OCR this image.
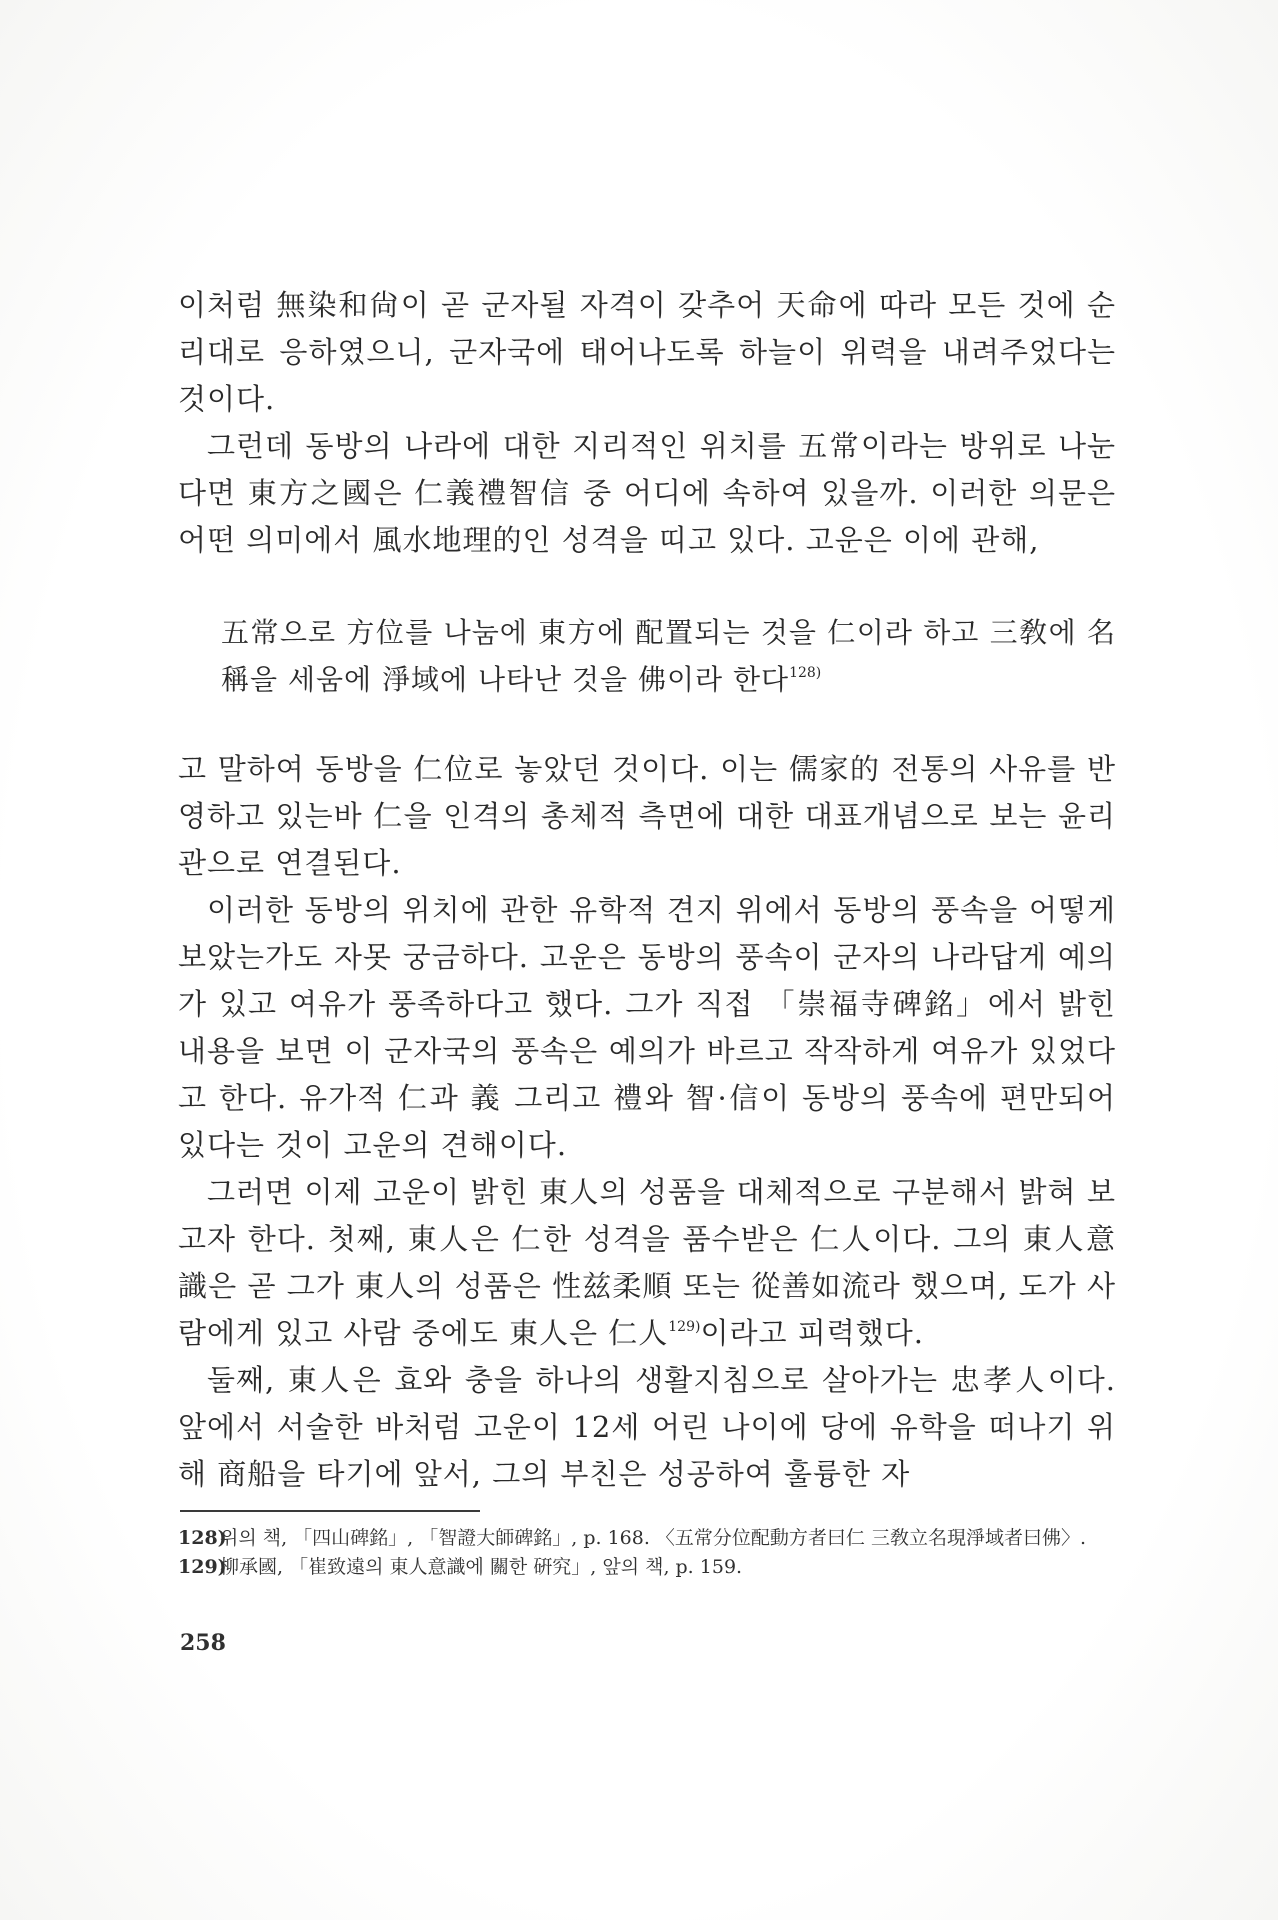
이처럼 無染和尙이 곧 군자될 자격이 갖추어 天命에 따라 모든 것에 순리대로 응하였으니, 군자국에 태어나도록 하늘이 위력을 내려주었다는 것이다.

그런데 동방의 나라에 대한 지리적인 위치를 五常이라는 방위로 나눈다면 東方之國은 仁義禮智信 중 어디에 속하여 있을까. 이러한 의문은 어떤 의미에서 風水地理的인 성격을 띠고 있다. 고운은 이에 관해,

五常으로 方位를 나눔에 東方에 配置되는 것을 仁이라 하고 三敎에 名稱을 세움에 淨域에 나타난 것을 佛이라 한다$^{128)}$

고 말하여 동방을 仁位로 놓았던 것이다. 이는 儒家的 전통의 사유를 반영하고 있는바 仁을 인격의 총체적 측면에 대한 대표개념으로 보는 윤리관으로 연결된다.

이러한 동방의 위치에 관한 유학적 견지 위에서 동방의 풍속을 어떻게 보았는가도 자못 궁금하다. 고운은 동방의 풍속이 군자의 나라답게 예의가 있고 여유가 풍족하다고 했다. 그가 직접 「崇福寺碑銘」에서 밝힌 내용을 보면 이 군자국의 풍속은 예의가 바르고 작작하게 여유가 있었다고 한다. 유가적 仁과 義 그리고 禮와 智·信이 동방의 풍속에 편만되어 있다는 것이 고운의 견해이다.

그러면 이제 고운이 밝힌 東人의 성품을 대체적으로 구분해서 밝혀 보고자 한다. 첫째, 東人은 仁한 성격을 품수받은 仁人이다. 그의 東人意識은 곧 그가 東人의 성품은 性兹柔順 또는 從善如流라 했으며, 도가 사람에게 있고 사람 중에도 東人은 仁人$^{129)}$이라고 피력했다.

둘째, 東人은 효와 충을 하나의 생활지침으로 살아가는 忠孝人이다. 앞에서 서술한 바처럼 고운이 12세 어린 나이에 당에 유학을 떠나기 위해 商船을 타기에 앞서, 그의 부친은 성공하여 훌륭한 자

128)위의 책, 「四山碑銘」, 「智證大師碑銘」, p. 168. 〈五常分位配動方者曰仁 三敎立名現淨域者曰佛〉.

129)柳承國, 「崔致遠의 東人意識에 關한 硏究」, 앞의 책, p. 159.

258
